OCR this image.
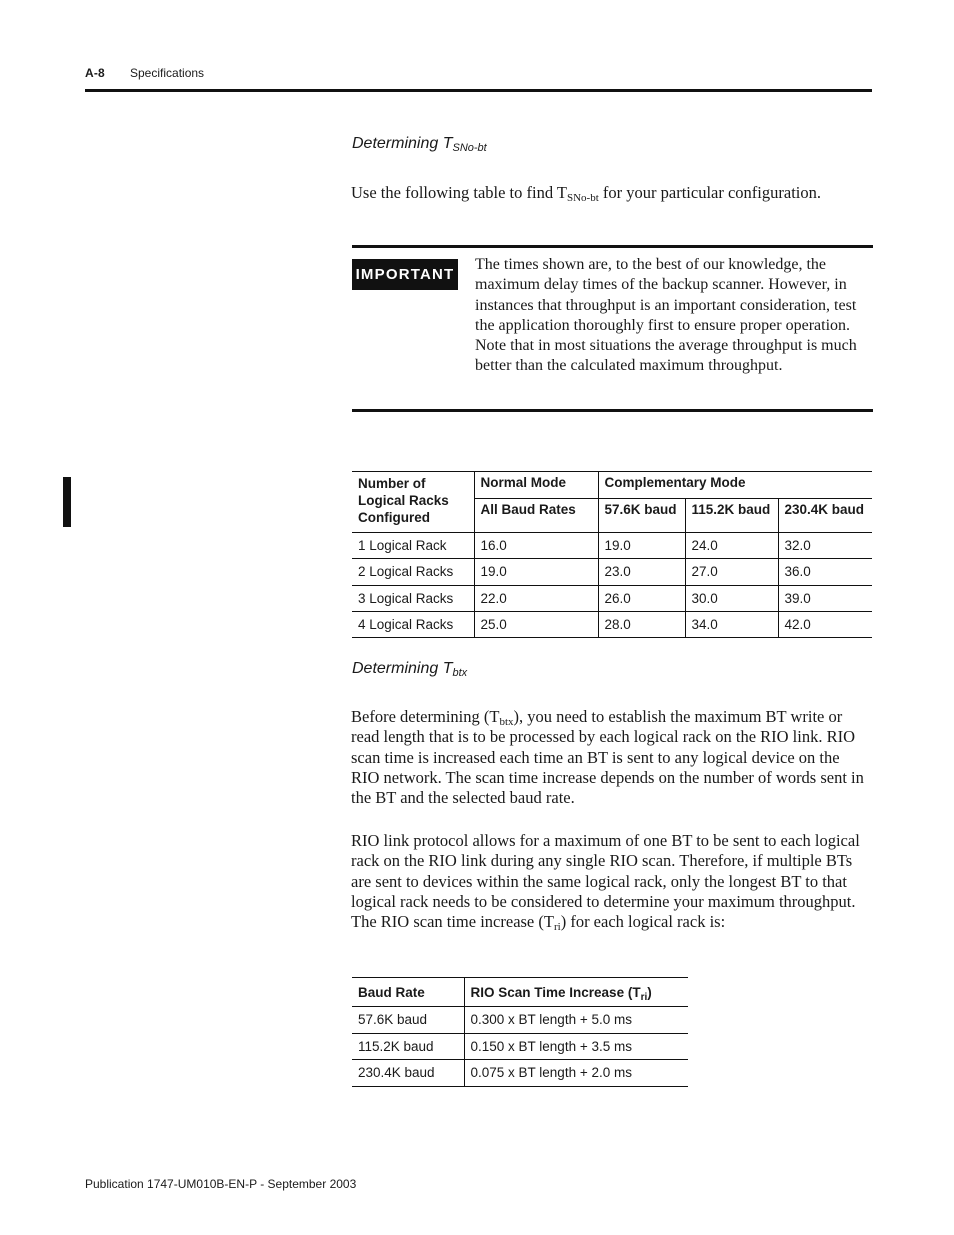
A-8 Specifications
Determining $T_{SNo-bt}$
Use the following table to find $T_{SNo-bt}$ for your particular configuration.
IMPORTANT
The times shown are, to the best of our knowledge, the maximum delay times of the backup scanner. However, in instances that throughput is an important consideration, test the application thoroughly first to ensure proper operation. Note that in most situations the average throughput is much better than the calculated maximum throughput.
Number of Logical Racks Configured	Normal Mode	Complementary Mode		
	All Baud Rates	57.6K baud	115.2K baud	230.4K baud
1 Logical Rack	16.0	19.0	24.0	32.0
2 Logical Racks	19.0	23.0	27.0	36.0
3 Logical Racks	22.0	26.0	30.0	39.0
4 Logical Racks	25.0	28.0	34.0	42.0
Determining $T_{btx}$
Before determining $(T_{btx})$, you need to establish the maximum BT write or read length that is to be processed by each logical rack on the RIO link. RIO scan time is increased each time an BT is sent to any logical device on the RIO network. The scan time increase depends on the number of words sent in the BT and the selected baud rate.
RIO link protocol allows for a maximum of one BT to be sent to each logical rack on the RIO link during any single RIO scan. Therefore, if multiple BTs are sent to devices within the same logical rack, only the longest BT to that logical rack needs to be considered to determine your maximum throughput. The RIO scan time increase $(T_{ri})$ for each logical rack is:
Baud Rate	RIO Scan Time Increase $(T_{ri})$
57.6K baud	0.300 x BT length + 5.0 ms
115.2K baud	0.150 x BT length + 3.5 ms
230.4K baud	0.075 x BT length + 2.0 ms
Publication 1747-UM010B-EN-P - September 2003
